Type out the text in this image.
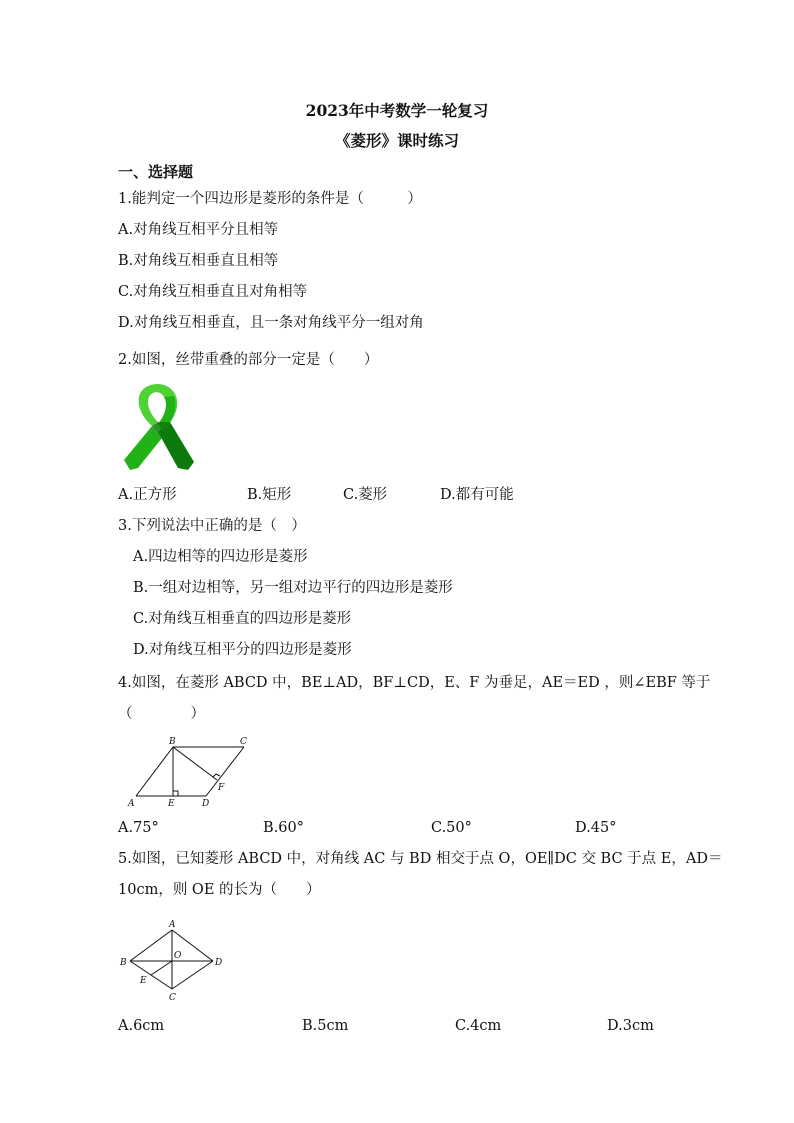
2023年中考数学一轮复习
《菱形》课时练习
一、选择题
1.能判定一个四边形是菱形的条件是（　　　）
A.对角线互相平分且相等
B.对角线互相垂直且相等
C.对角线互相垂直且对角相等
D.对角线互相垂直，且一条对角线平分一组对角
2.如图，丝带重叠的部分一定是（　　）
A.正方形	B.矩形	C.菱形	D.都有可能
3.下列说法中正确的是（　）
A.四边相等的四边形是菱形
B.一组对边相等，另一组对边平行的四边形是菱形
C.对角线互相垂直的四边形是菱形
D.对角线互相平分的四边形是菱形
4.如图，在菱形 ABCD 中，BE⊥AD，BF⊥CD，E、F 为垂足，AE＝ED ，则∠EBF 等于
（　　　　）
A
B	C
D
E
F
A.75°	B.60°	C.50°	D.45°
5.如图，已知菱形 ABCD 中，对角线 AC 与 BD 相交于点 O，OE∥DC 交 BC 于点 E，AD＝
10cm，则 OE 的长为（　　）
A
B
C
D
E
O
A.6cm	B.5cm	C.4cm	D.3cm
